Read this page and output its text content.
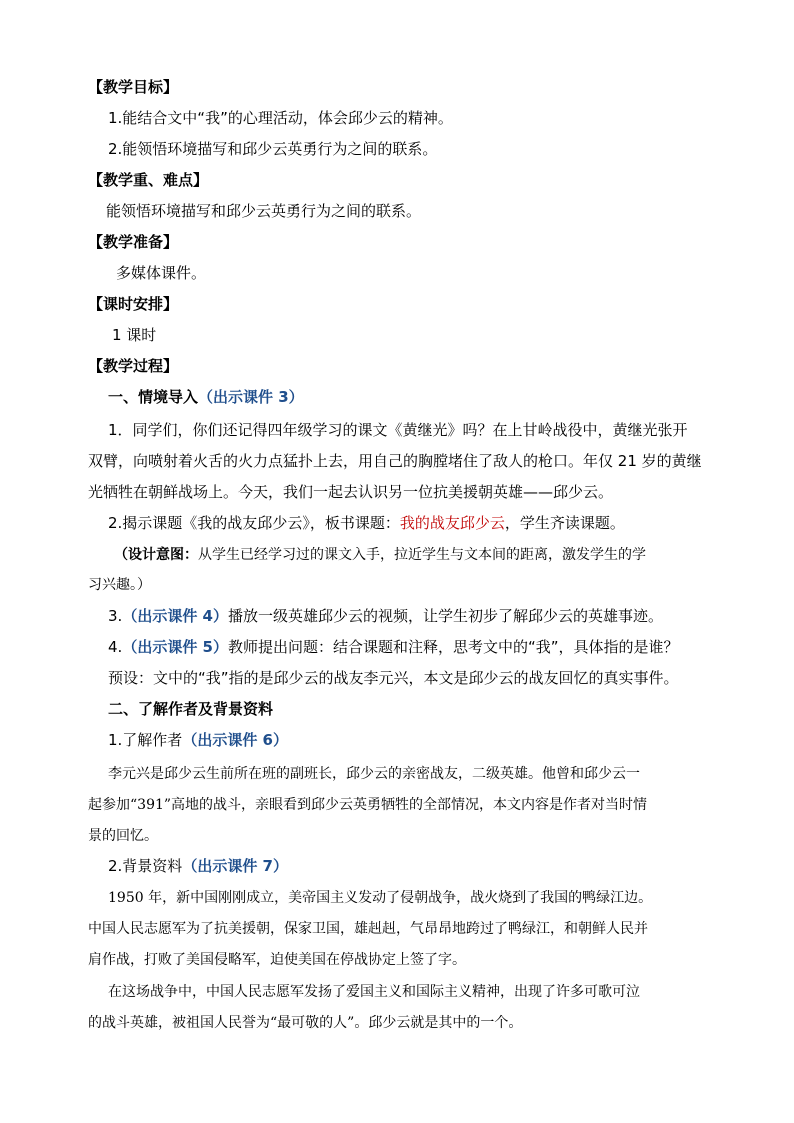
【教学目标】
1.能结合文中“我”的心理活动，体会邱少云的精神。
2.能领悟环境描写和邱少云英勇行为之间的联系。
【教学重、难点】
能领悟环境描写和邱少云英勇行为之间的联系。
【教学准备】
多媒体课件。
【课时安排】
1 课时
【教学过程】
一、情境导入（出示课件 3）
1．同学们，你们还记得四年级学习的课文《黄继光》吗？在上甘岭战役中，黄继光张开
双臂，向喷射着火舌的火力点猛扑上去，用自己的胸膛堵住了敌人的枪口。年仅 21 岁的黄继
光牺牲在朝鲜战场上。今天，我们一起去认识另一位抗美援朝英雄——邱少云。
2.揭示课题《我的战友邱少云》，板书课题：我的战友邱少云，学生齐读课题。
（设计意图：从学生已经学习过的课文入手，拉近学生与文本间的距离，激发学生的学
习兴趣。）
3.（出示课件 4）播放一级英雄邱少云的视频，让学生初步了解邱少云的英雄事迹。
4.（出示课件 5）教师提出问题：结合课题和注释，思考文中的“我”，具体指的是谁？
预设：文中的“我”指的是邱少云的战友李元兴，本文是邱少云的战友回忆的真实事件。
二、了解作者及背景资料
1.了解作者（出示课件 6）
李元兴是邱少云生前所在班的副班长，邱少云的亲密战友，二级英雄。他曾和邱少云一
起参加“391”高地的战斗，亲眼看到邱少云英勇牺牲的全部情况，本文内容是作者对当时情
景的回忆。
2.背景资料（出示课件 7）
1950 年，新中国刚刚成立，美帝国主义发动了侵朝战争，战火烧到了我国的鸭绿江边。
中国人民志愿军为了抗美援朝，保家卫国，雄赳赳，气昂昂地跨过了鸭绿江，和朝鲜人民并
肩作战，打败了美国侵略军，迫使美国在停战协定上签了字。
在这场战争中，中国人民志愿军发扬了爱国主义和国际主义精神，出现了许多可歌可泣
的战斗英雄，被祖国人民誉为“最可敬的人”。邱少云就是其中的一个。
